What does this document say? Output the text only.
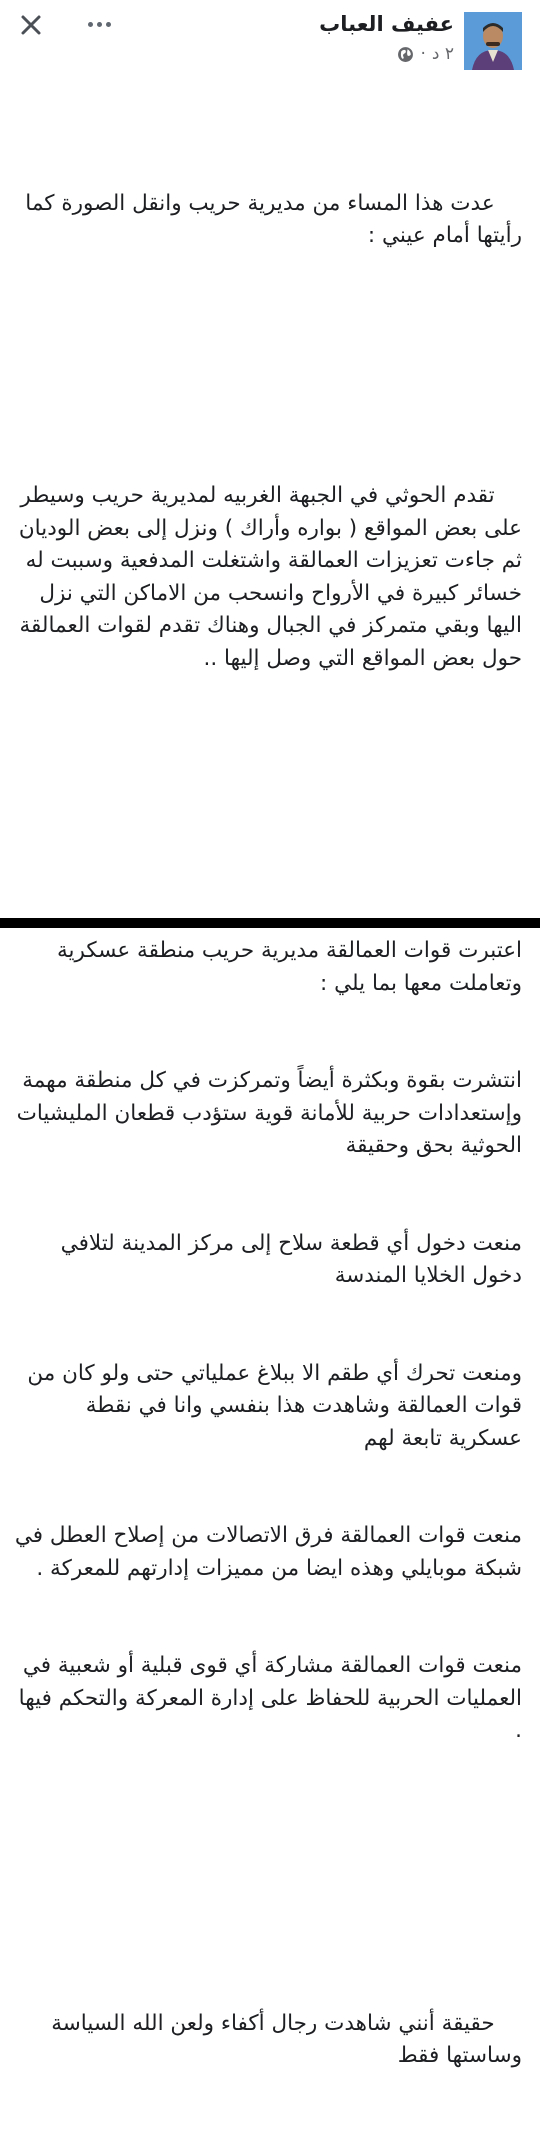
عفيف العباب
٢ د
·

عدت هذا المساء من مديرية حريب وانقل الصورة كما رأيتها أمام عيني :

تقدم الحوثي في الجبهة الغربيه لمديرية حريب وسيطر على بعض المواقع ( بواره وأراك ) ونزل إلى بعض الوديان ثم جاءت تعزيزات العمالقة واشتغلت المدفعية وسببت له خسائر كبيرة في الأرواح وانسحب من الاماكن التي نزل اليها وبقي متمركز في الجبال وهناك تقدم لقوات العمالقة حول بعض المواقع التي وصل إليها ..

اعتبرت قوات العمالقة مديرية حريب منطقة عسكرية وتعاملت معها بما يلي :

انتشرت بقوة وبكثرة أيضاً وتمركزت في كل منطقة مهمة وإستعدادات حربية للأمانة قوية ستؤدب قطعان المليشيات الحوثية بحق وحقيقة

منعت دخول أي قطعة سلاح إلى مركز المدينة لتلافي دخول الخلايا المندسة

ومنعت تحرك أي طقم الا ببلاغ عملياتي حتى ولو كان من قوات العمالقة وشاهدت هذا بنفسي وانا في نقطة عسكرية تابعة لهم

منعت قوات العمالقة فرق الاتصالات من إصلاح العطل في شبكة موبايلي وهذه ايضا من مميزات إدارتهم للمعركة .

منعت قوات العمالقة مشاركة أي قوى قبلية أو شعبية في العمليات الحربية للحفاظ على إدارة المعركة والتحكم فيها .

حقيقة أنني شاهدت رجال أكفاء ولعن الله السياسة وساستها فقط
